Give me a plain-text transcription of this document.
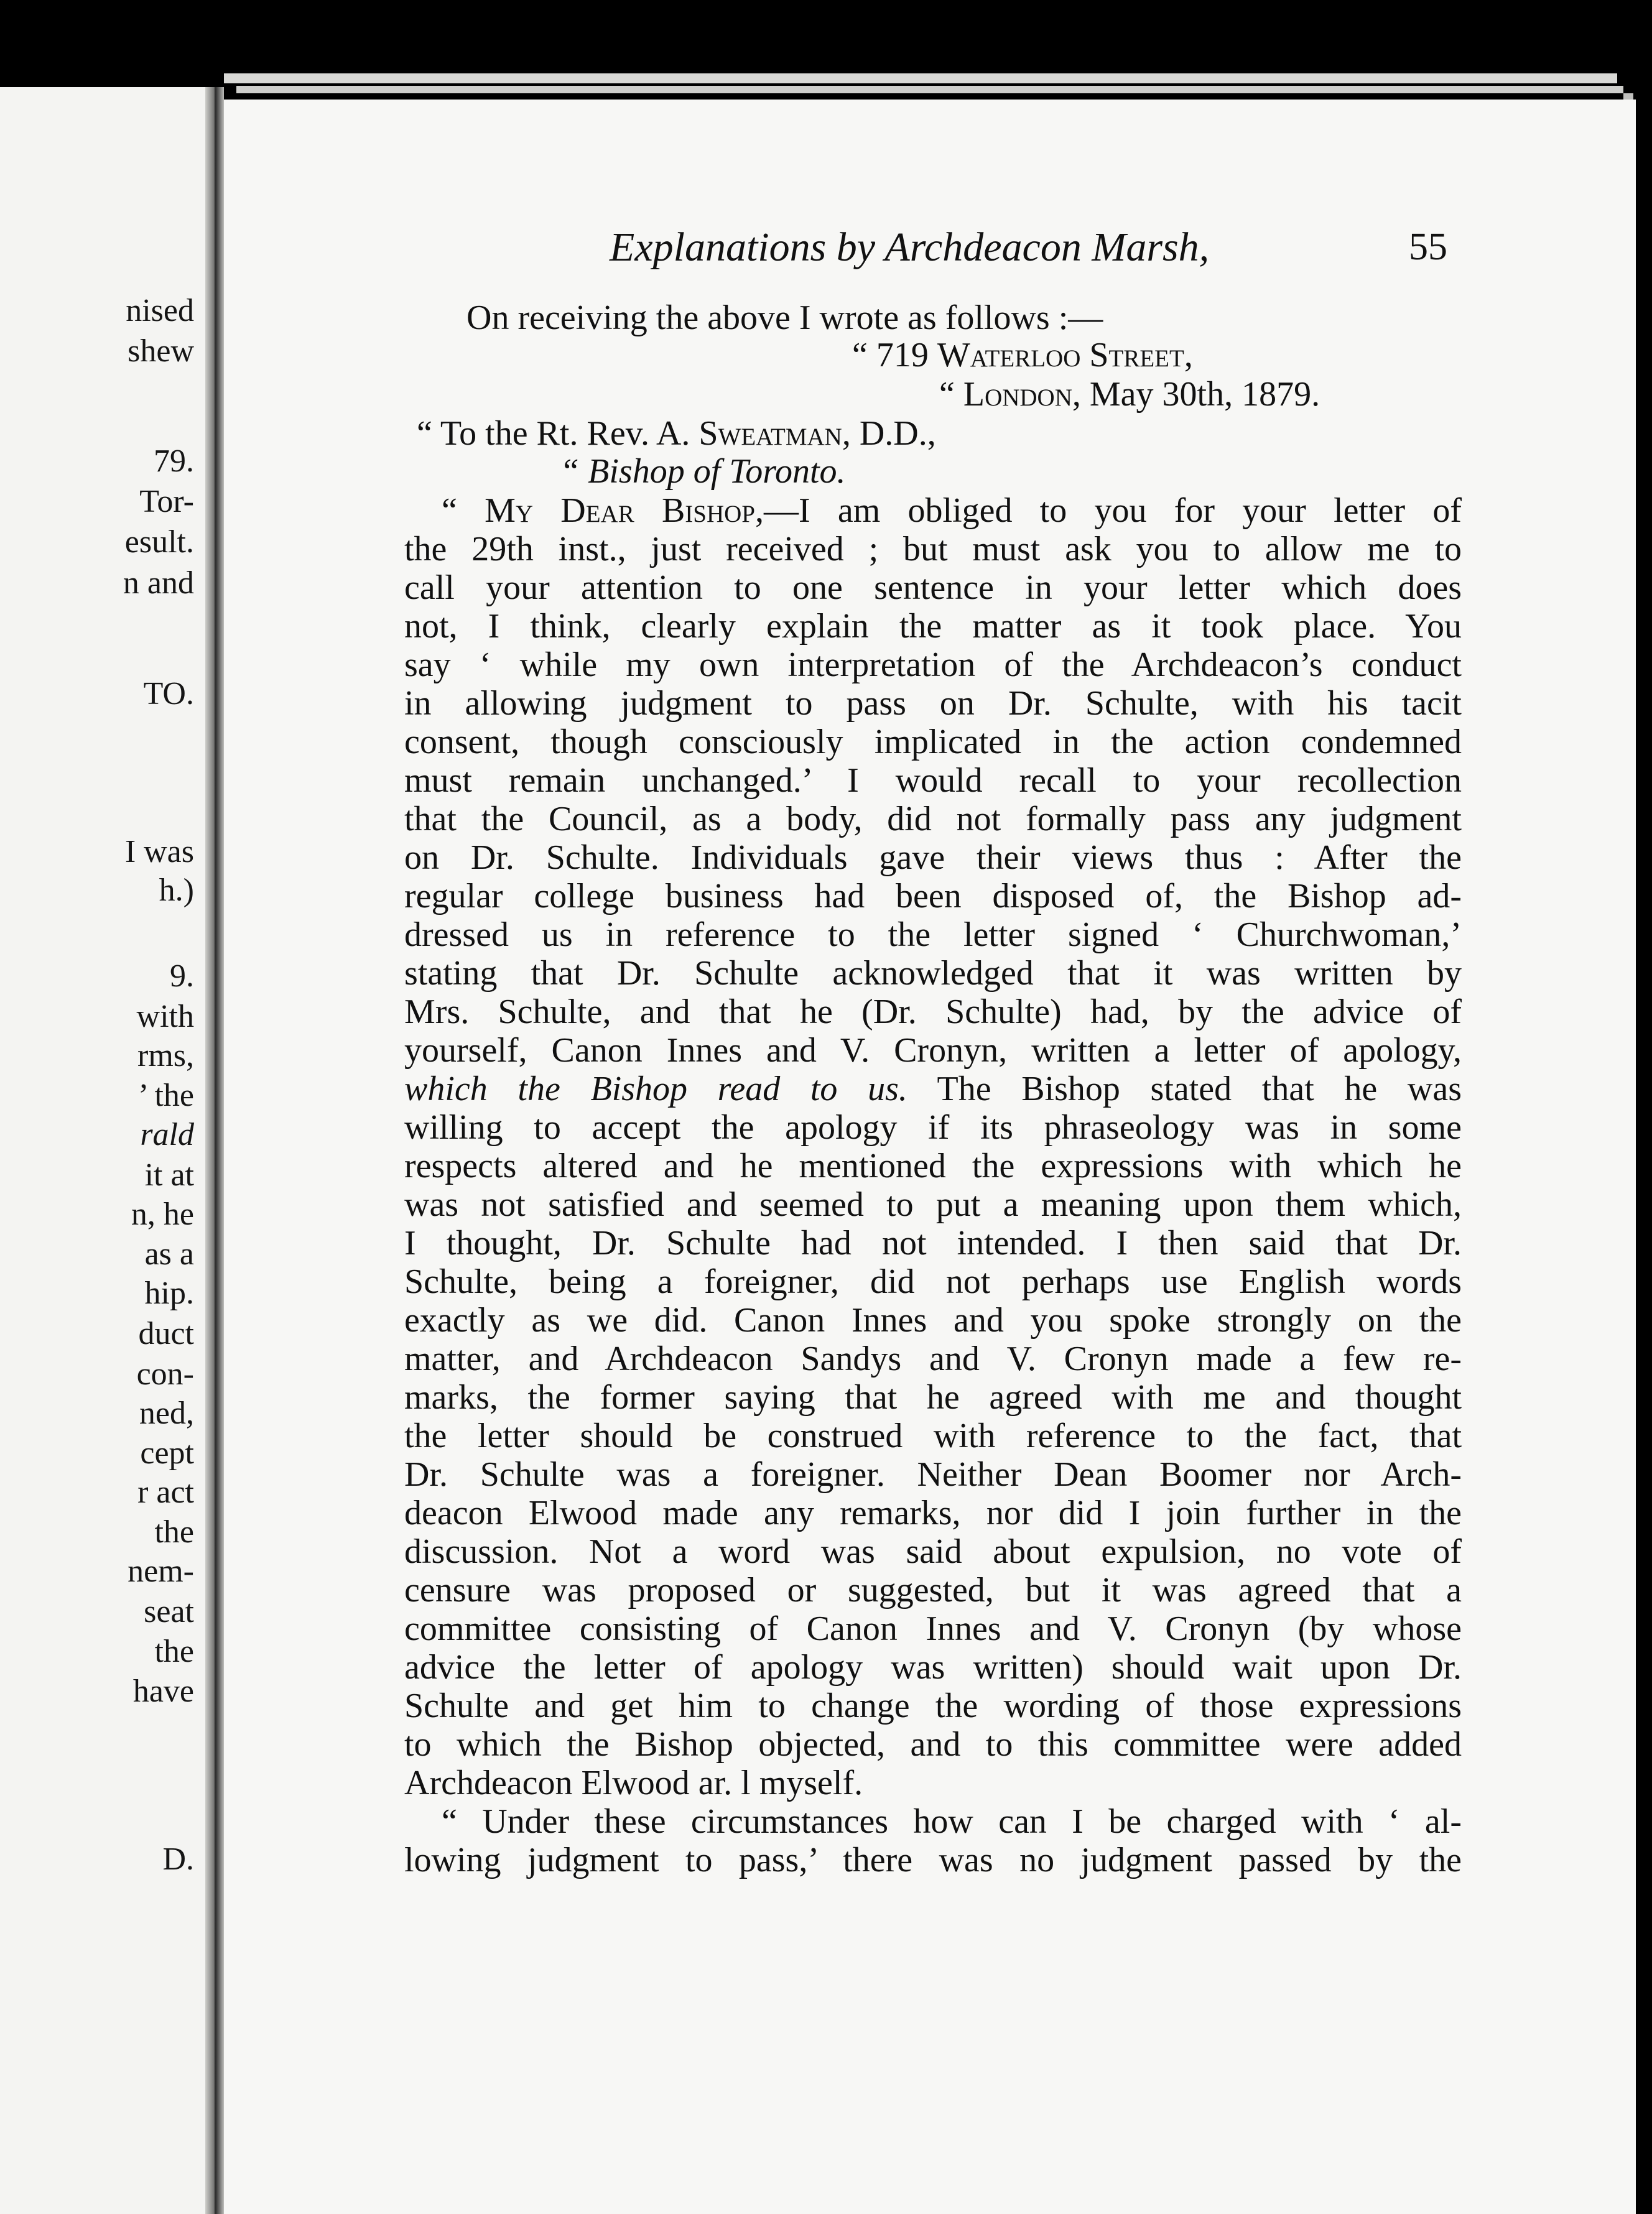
nised
shew
79.
Tor-
esult.
n and
TO.
I was
h.)
9.
with
rms,
’ the
rald
it at
n, he
as a
hip.
duct
con-
ned,
cept
r act
the
nem-
seat
the
have
D.
Explanations by Archdeacon Marsh,	55
On receiving the above I wrote as follows :—
“ 719 Waterloo Street,
“ London, May 30th, 1879.
“ To the Rt. Rev. A. Sweatman, D.D.,
“ Bishop of Toronto.
“ My Dear Bishop,—I am obliged to you for your letter of
the 29th inst., just received ; but must ask you to allow me to
call your attention to one sentence in your letter which does
not, I think, clearly explain the matter as it took place. You
say ‘ while my own interpretation of the Archdeacon’s conduct
in allowing judgment to pass on Dr. Schulte, with his tacit
consent, though consciously implicated in the action condemned
must remain unchanged.’ I would recall to your recollection
that the Council, as a body, did not formally pass any judgment
on Dr. Schulte. Individuals gave their views thus : After the
regular college business had been disposed of, the Bishop ad-
dressed us in reference to the letter signed ‘ Churchwoman,’
stating that Dr. Schulte acknowledged that it was written by
Mrs. Schulte, and that he (Dr. Schulte) had, by the advice of
yourself, Canon Innes and V. Cronyn, written a letter of apology,
which the Bishop read to us. The Bishop stated that he was
willing to accept the apology if its phraseology was in some
respects altered and he mentioned the expressions with which he
was not satisfied and seemed to put a meaning upon them which,
I thought, Dr. Schulte had not intended. I then said that Dr.
Schulte, being a foreigner, did not perhaps use English words
exactly as we did. Canon Innes and you spoke strongly on the
matter, and Archdeacon Sandys and V. Cronyn made a few re-
marks, the former saying that he agreed with me and thought
the letter should be construed with reference to the fact, that
Dr. Schulte was a foreigner. Neither Dean Boomer nor Arch-
deacon Elwood made any remarks, nor did I join further in the
discussion. Not a word was said about expulsion, no vote of
censure was proposed or suggested, but it was agreed that a
committee consisting of Canon Innes and V. Cronyn (by whose
advice the letter of apology was written) should wait upon Dr.
Schulte and get him to change the wording of those expressions
to which the Bishop objected, and to this committee were added
Archdeacon Elwood ar. l myself.
“ Under these circumstances how can I be charged with ‘ al-
lowing judgment to pass,’ there was no judgment passed by the
